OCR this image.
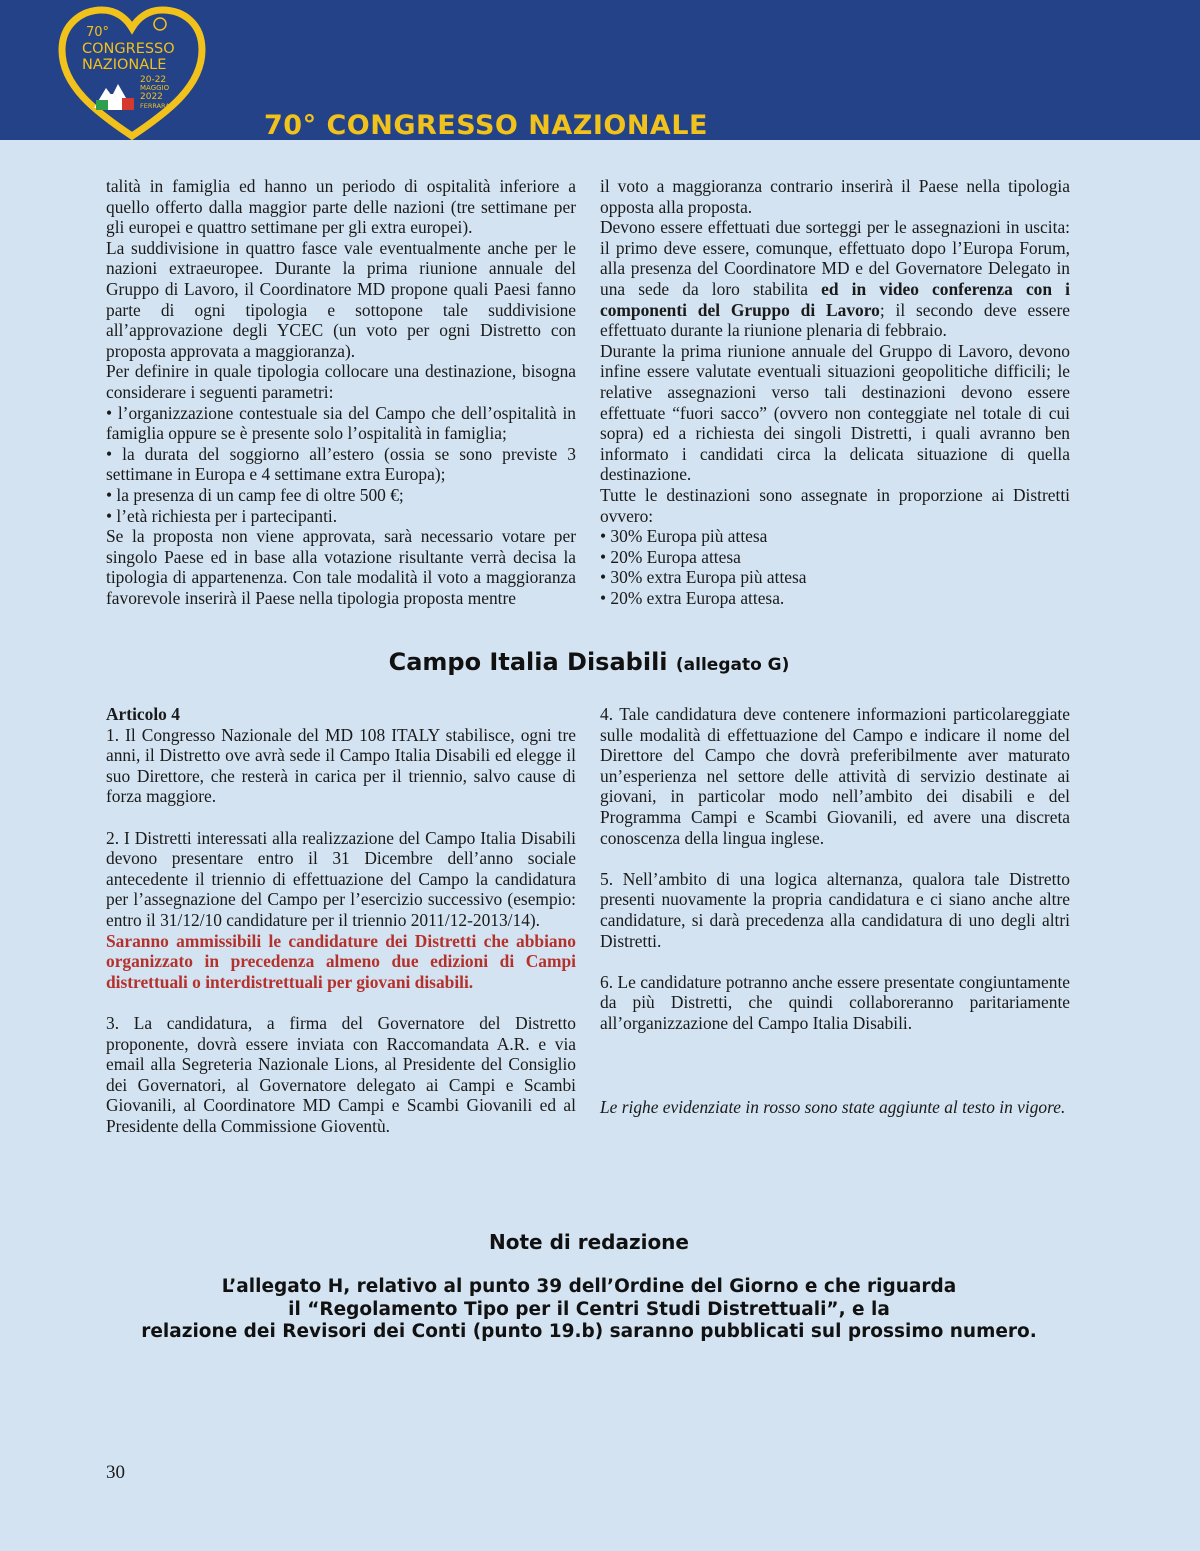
70°
CONGRESSO
NAZIONALE
20-22
MAGGIO
2022
FERRARA
70° CONGRESSO NAZIONALE

talità in famiglia ed hanno un periodo di ospitalità inferiore a quello offerto dalla maggior parte delle nazioni (tre settimane per gli europei e quattro settimane per gli extra europei).

La suddivisione in quattro fasce vale eventualmente anche per le nazioni extraeuropee. Durante la prima riunione annuale del Gruppo di Lavoro, il Coordinatore MD propone quali Paesi fanno parte di ogni tipologia e sottopone tale suddivisione all’approvazione degli YCEC (un voto per ogni Distretto con proposta approvata a maggioranza).

Per definire in quale tipologia collocare una destinazione, bisogna considerare i seguenti parametri:

• l’organizzazione contestuale sia del Campo che dell’ospitalità in famiglia oppure se è presente solo l’ospitalità in famiglia;

• la durata del soggiorno all’estero (ossia se sono previste 3 settimane in Europa e 4 settimane extra Europa);

• la presenza di un camp fee di oltre 500 €;

• l’età richiesta per i partecipanti.

Se la proposta non viene approvata, sarà necessario votare per singolo Paese ed in base alla votazione risultante verrà decisa la tipologia di appartenenza. Con tale modalità il voto a maggioranza favorevole inserirà il Paese nella tipologia proposta mentre

il voto a maggioranza contrario inserirà il Paese nella tipologia opposta alla proposta.

Devono essere effettuati due sorteggi per le assegnazioni in uscita: il primo deve essere, comunque, effettuato dopo l’Europa Forum, alla presenza del Coordinatore MD e del Governatore Delegato in una sede da loro stabilita ed in video conferenza con i componenti del Gruppo di Lavoro; il secondo deve essere effettuato durante la riunione plenaria di febbraio.

Durante la prima riunione annuale del Gruppo di Lavoro, devono infine essere valutate eventuali situazioni geopolitiche difficili; le relative assegnazioni verso tali destinazioni devono essere effettuate “fuori sacco” (ovvero non conteggiate nel totale di cui sopra) ed a richiesta dei singoli Distretti, i quali avranno ben informato i candidati circa la delicata situazione di quella destinazione.

Tutte le destinazioni sono assegnate in proporzione ai Distretti ovvero:

• 30% Europa più attesa

• 20% Europa attesa

• 30% extra Europa più attesa

• 20% extra Europa attesa.

Campo Italia Disabili (allegato G)

Articolo 4

1. Il Congresso Nazionale del MD 108 ITALY stabilisce, ogni tre anni, il Distretto ove avrà sede il Campo Italia Disabili ed elegge il suo Direttore, che resterà in carica per il triennio, salvo cause di forza maggiore.

2. I Distretti interessati alla realizzazione del Campo Italia Disabili devono presentare entro il 31 Dicembre dell’anno sociale antecedente il triennio di effettuazione del Campo la candidatura per l’assegnazione del Campo per l’esercizio successivo (esempio: entro il 31/12/10 candidature per il triennio 2011/12-2013/14).

Saranno ammissibili le candidature dei Distretti che abbiano organizzato in precedenza almeno due edizioni di Campi distrettuali o interdistrettuali per giovani disabili.

3. La candidatura, a firma del Governatore del Distretto proponente, dovrà essere inviata con Raccomandata A.R. e via email alla Segreteria Nazionale Lions, al Presidente del Consiglio dei Governatori, al Governatore delegato ai Campi e Scambi Giovanili, al Coordinatore MD Campi e Scambi Giovanili ed al Presidente della Commissione Gioventù.

4. Tale candidatura deve contenere informazioni particolareggiate sulle modalità di effettuazione del Campo e indicare il nome del Direttore del Campo che dovrà preferibilmente aver maturato un’esperienza nel settore delle attività di servizio destinate ai giovani, in particolar modo nell’ambito dei disabili e del Programma Campi e Scambi Giovanili, ed avere una discreta conoscenza della lingua inglese.

5. Nell’ambito di una logica alternanza, qualora tale Distretto presenti nuovamente la propria candidatura e ci siano anche altre candidature, si darà precedenza alla candidatura di uno degli altri Distretti.

6. Le candidature potranno anche essere presentate congiuntamente da più Distretti, che quindi collaboreranno paritariamente all’organizzazione del Campo Italia Disabili.

Le righe evidenziate in rosso sono state aggiunte al testo in vigore.
Note di redazione
L’allegato H, relativo al punto 39 dell’Ordine del Giorno e che riguarda
il “Regolamento Tipo per il Centri Studi Distrettuali”, e la
relazione dei Revisori dei Conti (punto 19.b) saranno pubblicati sul prossimo numero.
30
